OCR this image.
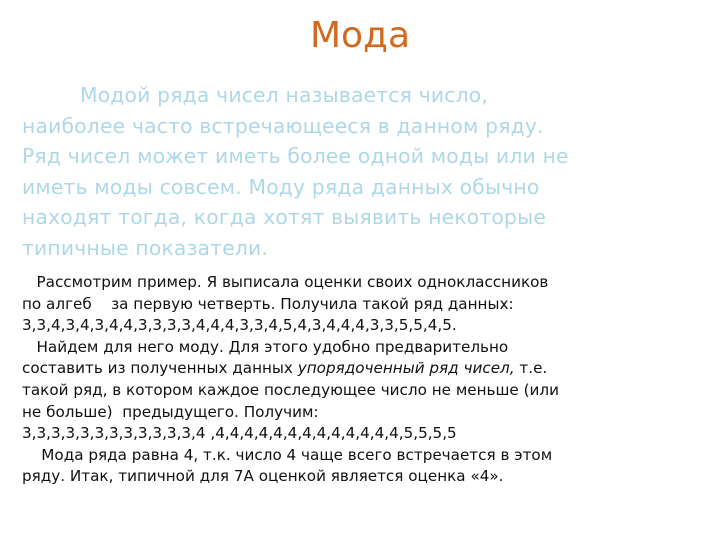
Мода

Модой ряда чисел называется число,
наиболее часто встречающееся в данном ряду.
Ряд чисел может иметь более одной моды или не
иметь моды совсем. Моду ряда данных обычно
находят тогда, когда хотят выявить некоторые
типичные показатели.

Рассмотрим пример. Я выписала оценки своих одноклассников
по алгеб    за первую четверть. Получила такой ряд данных:
3,3,4,3,4,3,4,4,3,3,3,3,4,4,4,3,3,4,5,4,3,4,4,4,3,3,5,5,4,5.
Найдем для него моду. Для этого удобно предварительно
составить из полученных данных упорядоченный ряд чисел, т.е.
такой ряд, в котором каждое последующее число не меньше (или
не больше)  предыдущего. Получим:
3,3,3,3,3,3,3,3,3,3,3,3,4 ,4,4,4,4,4,4,4,4,4,4,4,4,4,5,5,5,5
Мода ряда равна 4, т.к. число 4 чаще всего встречается в этом
ряду. Итак, типичной для 7А оценкой является оценка «4».
